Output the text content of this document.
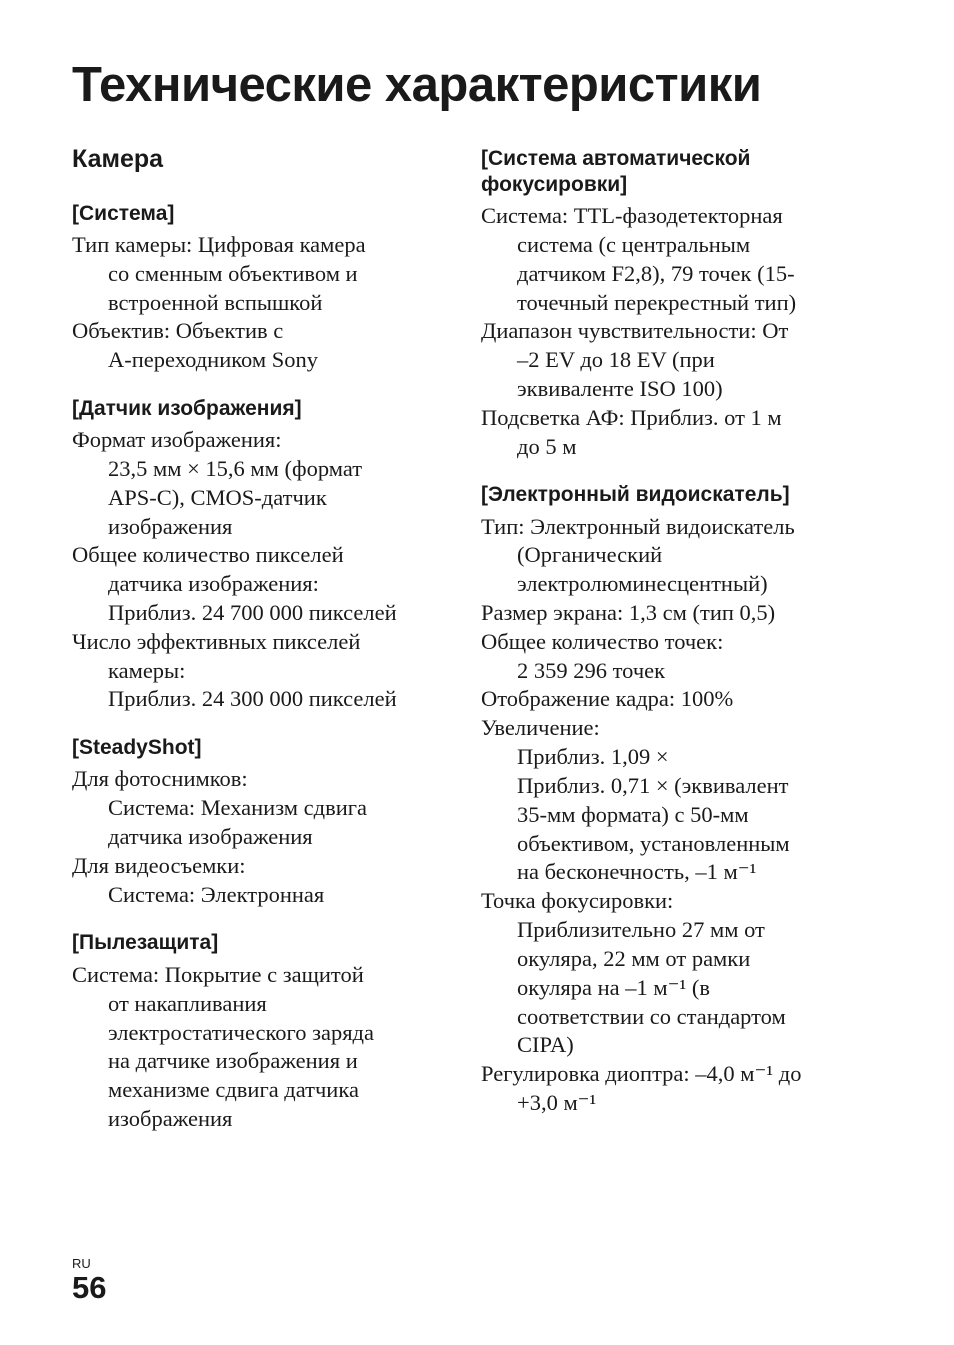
Технические характеристики
Камера
[Система]
Тип камеры: Цифровая камера
со сменным объективом и
встроенной вспышкой
Объектив: Объектив с
A-переходником Sony
[Датчик изображения]
Формат изображения:
23,5 мм × 15,6 мм (формат
APS-C), CMOS-датчик
изображения
Общее количество пикселей
датчика изображения:
Приблиз. 24 700 000 пикселей
Число эффективных пикселей
камеры:
Приблиз. 24 300 000 пикселей
[SteadyShot]
Для фотоснимков:
Система: Механизм сдвига
датчика изображения
Для видеосъемки:
Система: Электронная
[Пылезащита]
Система: Покрытие с защитой
от накапливания
электростатического заряда
на датчике изображения и
механизме сдвига датчика
изображения
[Система автоматической
фокусировки]
Система: TTL-фазодетекторная
система (с центральным
датчиком F2,8), 79 точек (15-
точечный перекрестный тип)
Диапазон чувствительности: От
–2 EV до 18 EV (при
эквиваленте ISO 100)
Подсветка АФ: Приблиз. от 1 м
до 5 м
[Электронный видоискатель]
Тип: Электронный видоискатель
(Органический
электролюминесцентный)
Размер экрана: 1,3 см (тип 0,5)
Общее количество точек:
2 359 296 точек
Отображение кадра: 100%
Увеличение:
Приблиз. 1,09 ×
Приблиз. 0,71 × (эквивалент
35-мм формата) с 50-мм
объективом, установленным
на бесконечность, –1 м⁻¹
Точка фокусировки:
Приблизительно 27 мм от
окуляра, 22 мм от рамки
окуляра на –1 м⁻¹ (в
соответствии со стандартом
CIPA)
Регулировка диоптра: –4,0 м⁻¹ до
+3,0 м⁻¹
RU
56
